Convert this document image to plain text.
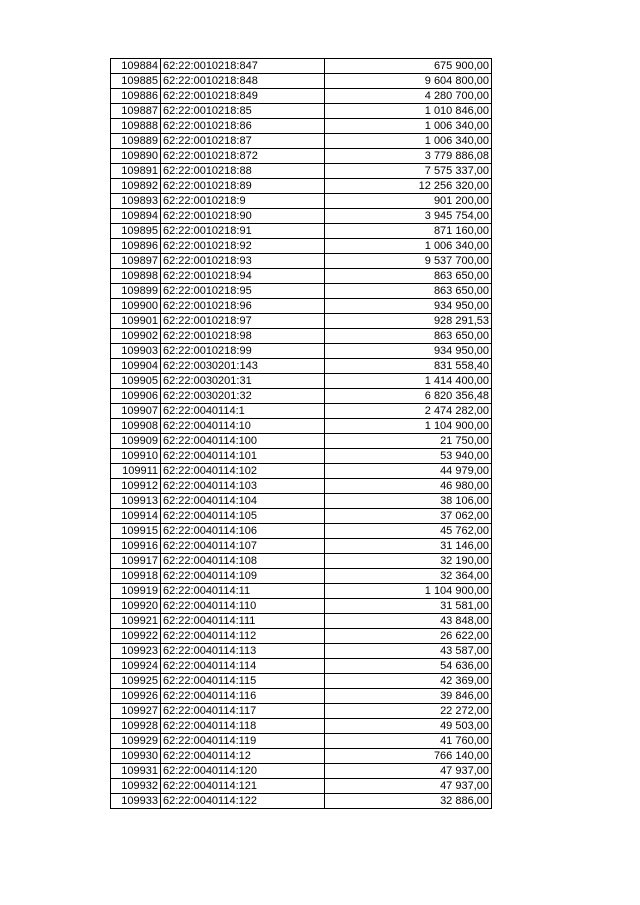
109884	62:22:0010218:847	675 900,00
109885	62:22:0010218:848	9 604 800,00
109886	62:22:0010218:849	4 280 700,00
109887	62:22:0010218:85	1 010 846,00
109888	62:22:0010218:86	1 006 340,00
109889	62:22:0010218:87	1 006 340,00
109890	62:22:0010218:872	3 779 886,08
109891	62:22:0010218:88	7 575 337,00
109892	62:22:0010218:89	12 256 320,00
109893	62:22:0010218:9	901 200,00
109894	62:22:0010218:90	3 945 754,00
109895	62:22:0010218:91	871 160,00
109896	62:22:0010218:92	1 006 340,00
109897	62:22:0010218:93	9 537 700,00
109898	62:22:0010218:94	863 650,00
109899	62:22:0010218:95	863 650,00
109900	62:22:0010218:96	934 950,00
109901	62:22:0010218:97	928 291,53
109902	62:22:0010218:98	863 650,00
109903	62:22:0010218:99	934 950,00
109904	62:22:0030201:143	831 558,40
109905	62:22:0030201:31	1 414 400,00
109906	62:22:0030201:32	6 820 356,48
109907	62:22:0040114:1	2 474 282,00
109908	62:22:0040114:10	1 104 900,00
109909	62:22:0040114:100	21 750,00
109910	62:22:0040114:101	53 940,00
109911	62:22:0040114:102	44 979,00
109912	62:22:0040114:103	46 980,00
109913	62:22:0040114:104	38 106,00
109914	62:22:0040114:105	37 062,00
109915	62:22:0040114:106	45 762,00
109916	62:22:0040114:107	31 146,00
109917	62:22:0040114:108	32 190,00
109918	62:22:0040114:109	32 364,00
109919	62:22:0040114:11	1 104 900,00
109920	62:22:0040114:110	31 581,00
109921	62:22:0040114:111	43 848,00
109922	62:22:0040114:112	26 622,00
109923	62:22:0040114:113	43 587,00
109924	62:22:0040114:114	54 636,00
109925	62:22:0040114:115	42 369,00
109926	62:22:0040114:116	39 846,00
109927	62:22:0040114:117	22 272,00
109928	62:22:0040114:118	49 503,00
109929	62:22:0040114:119	41 760,00
109930	62:22:0040114:12	766 140,00
109931	62:22:0040114:120	47 937,00
109932	62:22:0040114:121	47 937,00
109933	62:22:0040114:122	32 886,00
